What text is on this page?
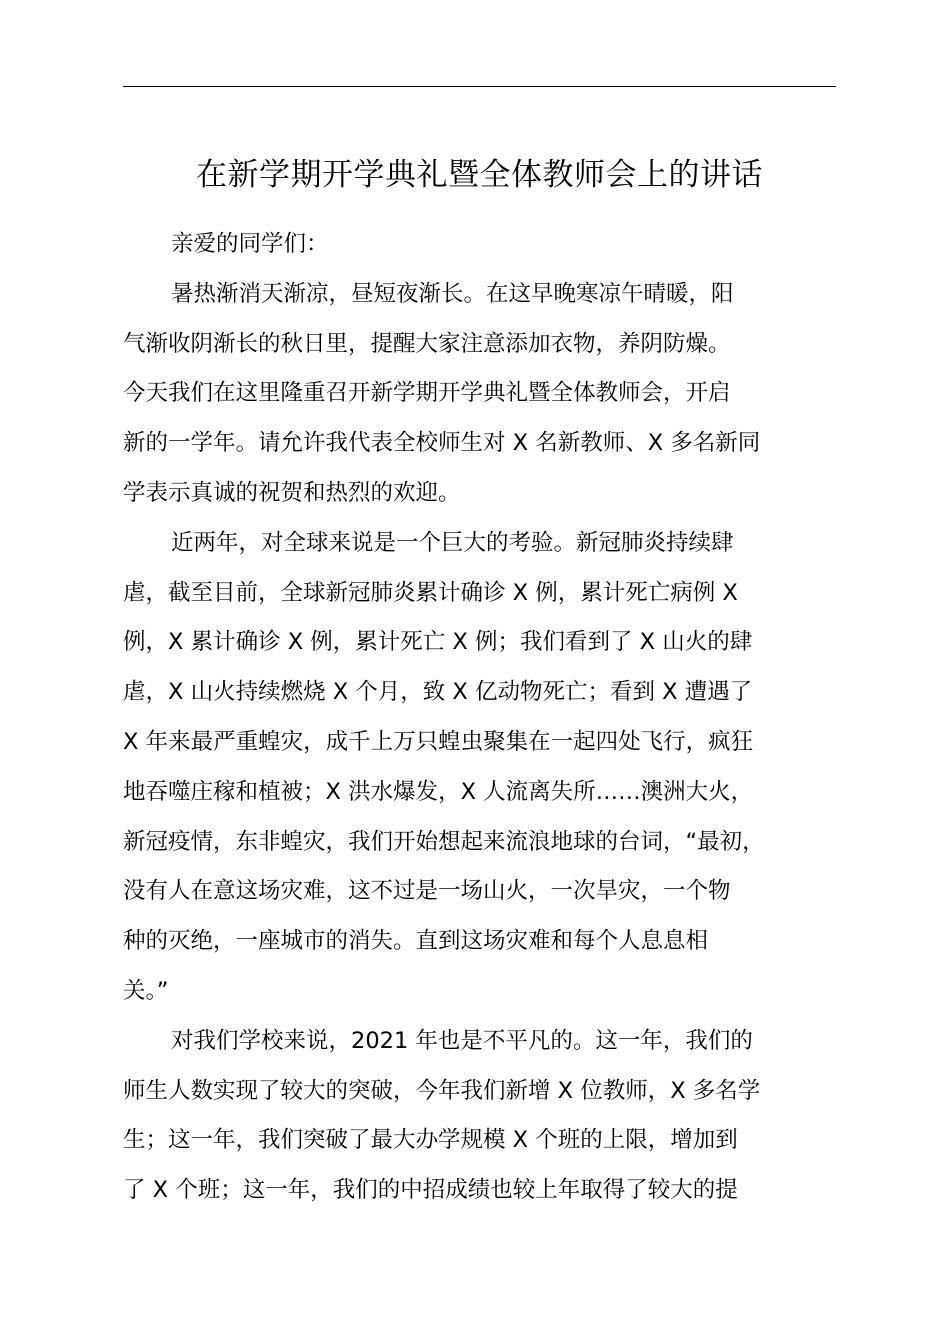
在新学期开学典礼暨全体教师会上的讲话
亲爱的同学们：
暑热渐消天渐凉，昼短夜渐长。在这早晚寒凉午晴暖，阳
气渐收阴渐长的秋日里，提醒大家注意添加衣物，养阴防燥。
今天我们在这里隆重召开新学期开学典礼暨全体教师会，开启
新的一学年。请允许我代表全校师生对 X 名新教师、X 多名新同
学表示真诚的祝贺和热烈的欢迎。
近两年，对全球来说是一个巨大的考验。新冠肺炎持续肆
虐，截至目前，全球新冠肺炎累计确诊 X 例，累计死亡病例 X
例，X 累计确诊 X 例，累计死亡 X 例；我们看到了 X 山火的肆
虐，X 山火持续燃烧 X 个月，致 X 亿动物死亡；看到 X 遭遇了
X 年来最严重蝗灾，成千上万只蝗虫聚集在一起四处飞行，疯狂
地吞噬庄稼和植被；X 洪水爆发，X 人流离失所……澳洲大火，
新冠疫情，东非蝗灾，我们开始想起来流浪地球的台词，“最初，
没有人在意这场灾难，这不过是一场山火，一次旱灾，一个物
种的灭绝，一座城市的消失。直到这场灾难和每个人息息相
关。”
对我们学校来说，2021 年也是不平凡的。这一年，我们的
师生人数实现了较大的突破，今年我们新增 X 位教师，X 多名学
生；这一年，我们突破了最大办学规模 X 个班的上限，增加到
了 X 个班；这一年，我们的中招成绩也较上年取得了较大的提
